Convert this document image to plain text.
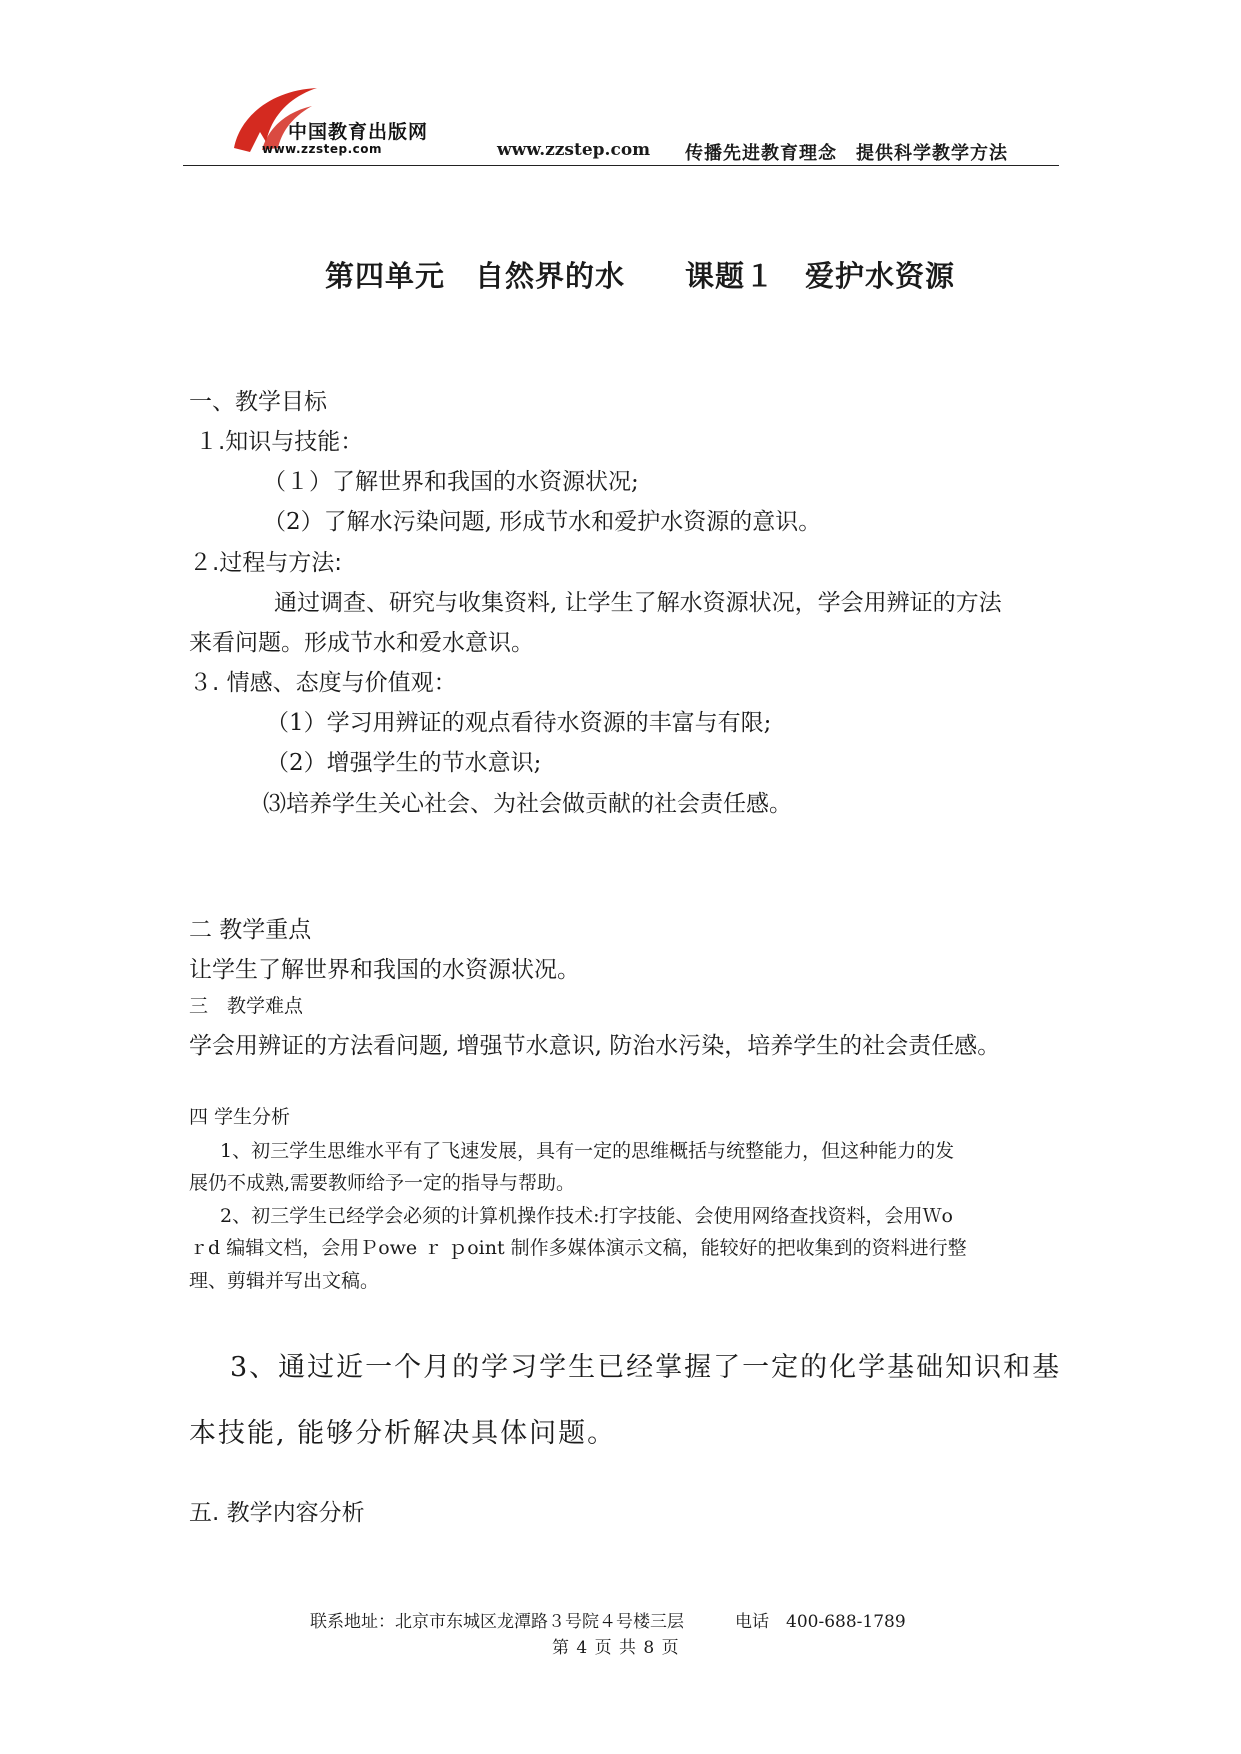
中国教育出版网
www.zzstep.com	www.zzstep.com 传播先进教育理念　提供科学教学方法
第四单元　自然界的水　　课题１　爱护水资源
一、教学目标
１.知识与技能：
（１）了解世界和我国的水资源状况;
（2）了解水污染问题, 形成节水和爱护水资源的意识。
２.过程与方法:
通过调查、研究与收集资料, 让学生了解水资源状况，学会用辨证的方法
来看问题。形成节水和爱水意识。
３. 情感、态度与价值观：
（1）学习用辨证的观点看待水资源的丰富与有限;
（2）增强学生的节水意识;
⑶培养学生关心社会、为社会做贡献的社会责任感。
二 教学重点
让学生了解世界和我国的水资源状况。
三　教学难点
学会用辨证的方法看问题, 增强节水意识, 防治水污染，培养学生的社会责任感。
四 学生分析
1、初三学生思维水平有了飞速发展，具有一定的思维概括与统整能力，但这种能力的发
展仍不成熟,需要教师给予一定的指导与帮助。
2、初三学生已经学会必须的计算机操作技术:打字技能、会使用网络查找资料，会用Ｗo
ｒd 编辑文档，会用Ｐowe ｒ ｐoint 制作多媒体演示文稿，能较好的把收集到的资料进行整
理、剪辑并写出文稿。
3、通过近一个月的学习学生已经掌握了一定的化学基础知识和基
本技能, 能够分析解决具体问题。
五. 教学内容分析
联系地址：北京市东城区龙潭路３号院４号楼三层　　　电话　400-688-1789
第 4 页 共 8 页
